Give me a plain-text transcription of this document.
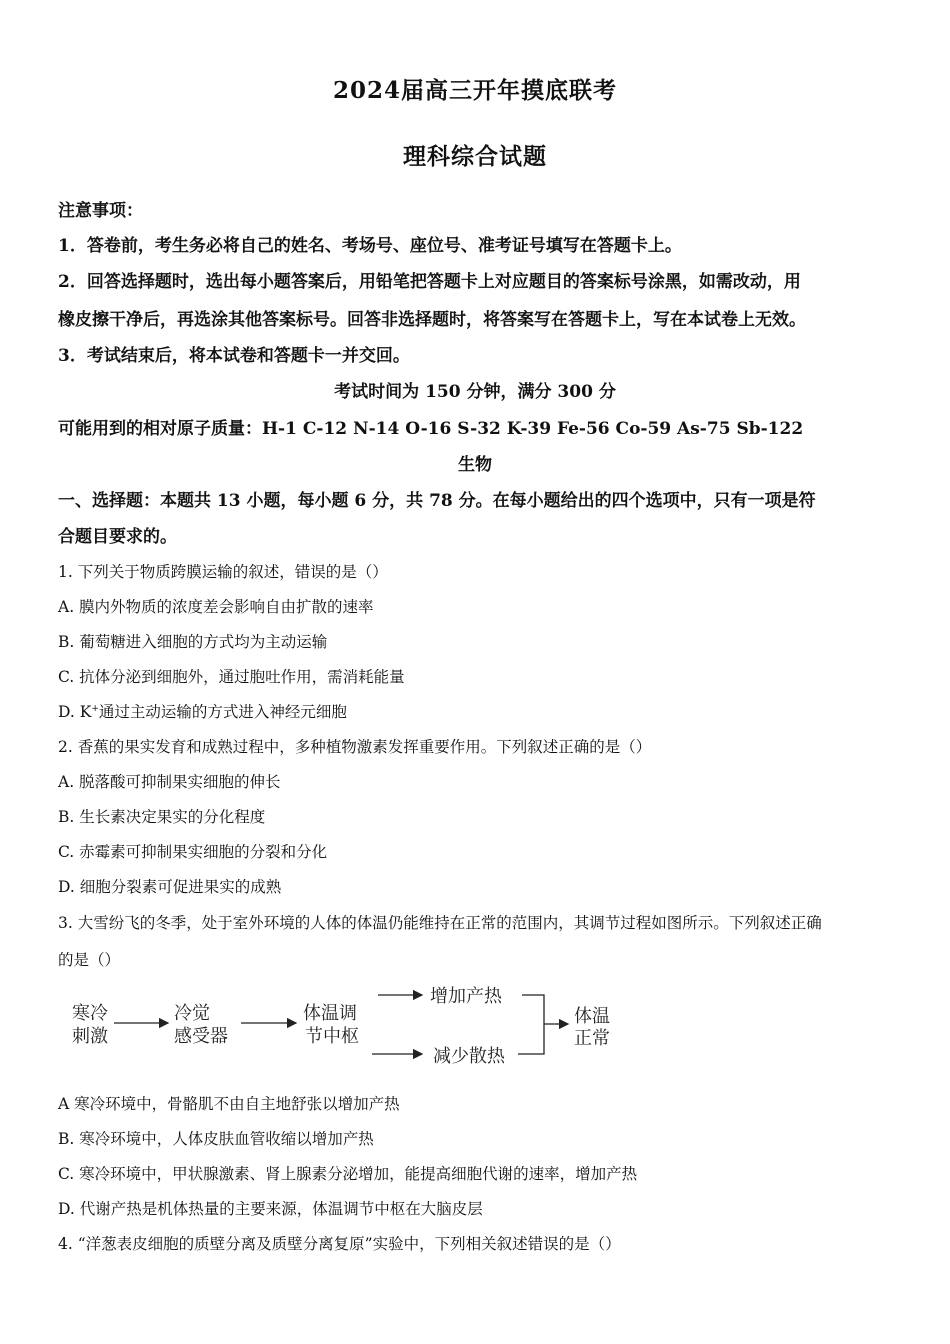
2024届高三开年摸底联考
理科综合试题
注意事项：
1．答卷前，考生务必将自己的姓名、考场号、座位号、准考证号填写在答题卡上。
2．回答选择题时，选出每小题答案后，用铅笔把答题卡上对应题目的答案标号涂黑，如需改动，用
橡皮擦干净后，再选涂其他答案标号。回答非选择题时，将答案写在答题卡上，写在本试卷上无效。
3．考试结束后，将本试卷和答题卡一并交回。
考试时间为 150 分钟，满分 300 分
可能用到的相对原子质量：H-1 C-12 N-14 O-16 S-32 K-39 Fe-56 Co-59 As-75 Sb-122
生物
一、选择题：本题共 13 小题，每小题 6 分，共 78 分。在每小题给出的四个选项中，只有一项是符
合题目要求的。
1. 下列关于物质跨膜运输的叙述，错误的是（）
A. 膜内外物质的浓度差会影响自由扩散的速率
B. 葡萄糖进入细胞的方式均为主动运输
C. 抗体分泌到细胞外，通过胞吐作用，需消耗能量
D. K+通过主动运输的方式进入神经元细胞
2. 香蕉的果实发育和成熟过程中，多种植物激素发挥重要作用。下列叙述正确的是（）
A. 脱落酸可抑制果实细胞的伸长
B. 生长素决定果实的分化程度
C. 赤霉素可抑制果实细胞的分裂和分化
D. 细胞分裂素可促进果实的成熟
3. 大雪纷飞的冬季，处于室外环境的人体的体温仍能维持在正常的范围内，其调节过程如图所示。下列叙述正确
的是（）
寒冷
刺激
冷觉
感受器
体温调
节中枢
增加产热
减少散热
体温
正常
A 寒冷环境中，骨骼肌不由自主地舒张以增加产热
B. 寒冷环境中，人体皮肤血管收缩以增加产热
C. 寒冷环境中，甲状腺激素、肾上腺素分泌增加，能提高细胞代谢的速率，增加产热
D. 代谢产热是机体热量的主要来源，体温调节中枢在大脑皮层
4. “洋葱表皮细胞的质壁分离及质壁分离复原”实验中，下列相关叙述错误的是（）
